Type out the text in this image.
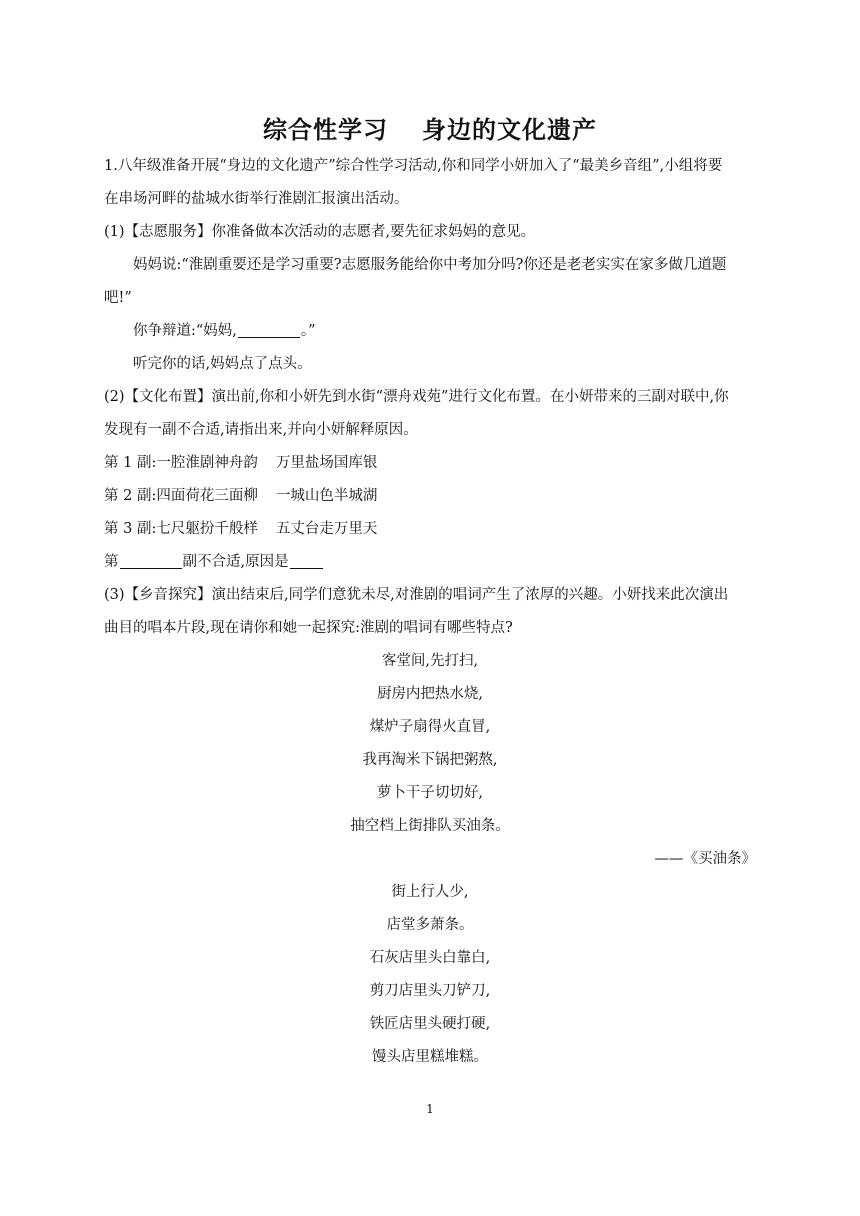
综合性学习 身边的文化遗产

1.八年级准备开展“身边的文化遗产”综合性学习活动,你和同学小妍加入了“最美乡音组”,小组将要

在串场河畔的盐城水街举行淮剧汇报演出活动。

(1)【志愿服务】你准备做本次活动的志愿者,要先征求妈妈的意见。

妈妈说:“淮剧重要还是学习重要?志愿服务能给你中考加分吗?你还是老老实实在家多做几道题

吧!”

你争辩道:“妈妈,	。”

听完你的话,妈妈点了点头。

(2)【文化布置】演出前,你和小妍先到水街“漂舟戏苑”进行文化布置。在小妍带来的三副对联中,你

发现有一副不合适,请指出来,并向小妍解释原因。

第 1 副:一腔淮剧神舟韵 万里盐场国库银

第 2 副:四面荷花三面柳 一城山色半城湖

第 3 副:七尺躯扮千般样 五丈台走万里天

第	副不合适,原因是

(3)【乡音探究】演出结束后,同学们意犹未尽,对淮剧的唱词产生了浓厚的兴趣。小妍找来此次演出

曲目的唱本片段,现在请你和她一起探究:淮剧的唱词有哪些特点?

客堂间,先打扫,

厨房内把热水烧,

煤炉子扇得火直冒,

我再淘米下锅把粥熬,

萝卜干子切切好,

抽空档上街排队买油条。

——《买油条》

街上行人少,

店堂多萧条。

石灰店里头白靠白,

剪刀店里头刀铲刀,

铁匠店里头硬打硬,

馒头店里糕堆糕。

1
